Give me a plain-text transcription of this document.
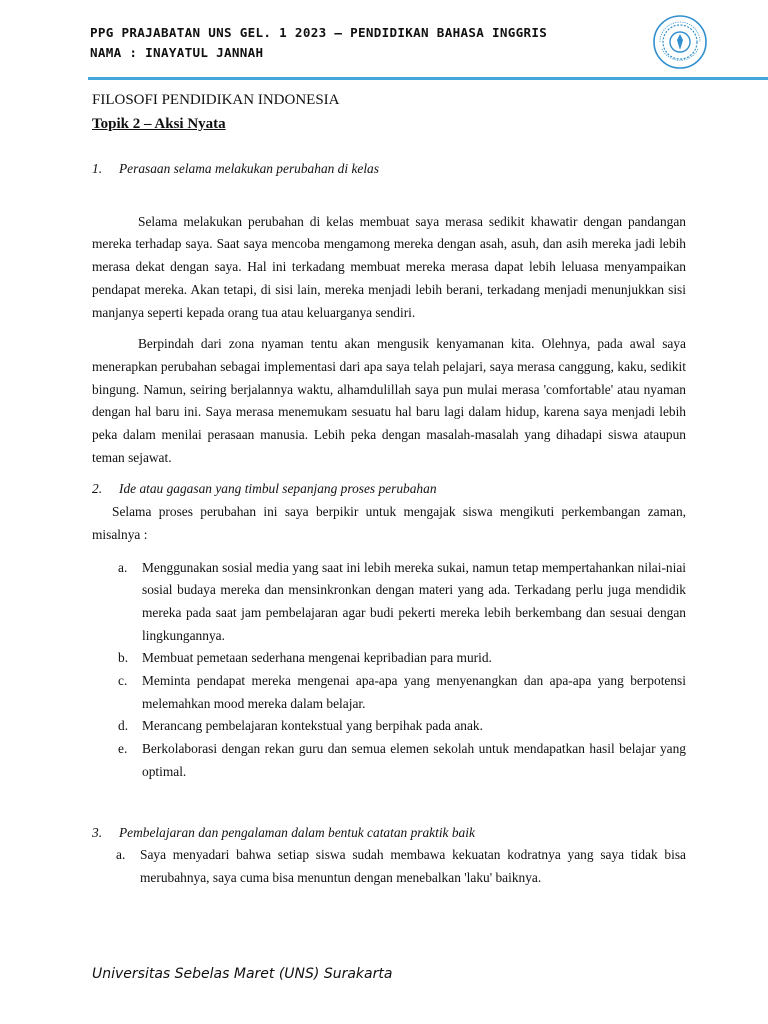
PPG PRAJABATAN UNS GEL. 1 2023 – PENDIDIKAN BAHASA INGGRIS
NAMA : INAYATUL JANNAH
FILOSOFI PENDIDIKAN INDONESIA
Topik 2 – Aksi Nyata
1.	Perasaan selama melakukan perubahan di kelas

Selama melakukan perubahan di kelas membuat saya merasa sedikit khawatir dengan pandangan mereka terhadap saya. Saat saya mencoba mengamong mereka dengan asah, asuh, dan asih mereka jadi lebih merasa dekat dengan saya. Hal ini terkadang membuat mereka merasa dapat lebih leluasa menyampaikan pendapat mereka. Akan tetapi, di sisi lain, mereka menjadi lebih berani, terkadang menjadi menunjukkan sisi manjanya seperti kepada orang tua atau keluarganya sendiri.

Berpindah dari zona nyaman tentu akan mengusik kenyamanan kita. Olehnya, pada awal saya menerapkan perubahan sebagai implementasi dari apa saya telah pelajari, saya merasa canggung, kaku, sedikit bingung. Namun, seiring berjalannya waktu, alhamdulillah saya pun mulai merasa 'comfortable' atau nyaman dengan hal baru ini. Saya merasa menemukam sesuatu hal baru lagi dalam hidup, karena saya menjadi lebih peka dalam menilai perasaan manusia. Lebih peka dengan masalah-masalah yang dihadapi siswa ataupun teman sejawat.

2.	Ide atau gagasan yang timbul sepanjang proses perubahan

Selama proses perubahan ini saya berpikir untuk mengajak siswa mengikuti perkembangan zaman, misalnya :

a.	Menggunakan sosial media yang saat ini lebih mereka sukai, namun tetap mempertahankan nilai-niai sosial budaya mereka dan mensinkronkan dengan materi yang ada. Terkadang perlu juga mendidik mereka pada saat jam pembelajaran agar budi pekerti mereka lebih berkembang dan sesuai dengan lingkungannya.
b.	Membuat pemetaan sederhana mengenai kepribadian para murid.
c.	Meminta pendapat mereka mengenai apa-apa yang menyenangkan dan apa-apa yang berpotensi melemahkan mood mereka dalam belajar.
d.	Merancang pembelajaran kontekstual yang berpihak pada anak.
e.	Berkolaborasi dengan rekan guru dan semua elemen sekolah untuk mendapatkan hasil belajar yang optimal.
3.	Pembelajaran dan pengalaman dalam bentuk catatan praktik baik
a.	Saya menyadari bahwa setiap siswa sudah membawa kekuatan kodratnya yang saya tidak bisa merubahnya, saya cuma bisa menuntun dengan menebalkan 'laku' baiknya.
Universitas Sebelas Maret (UNS) Surakarta
